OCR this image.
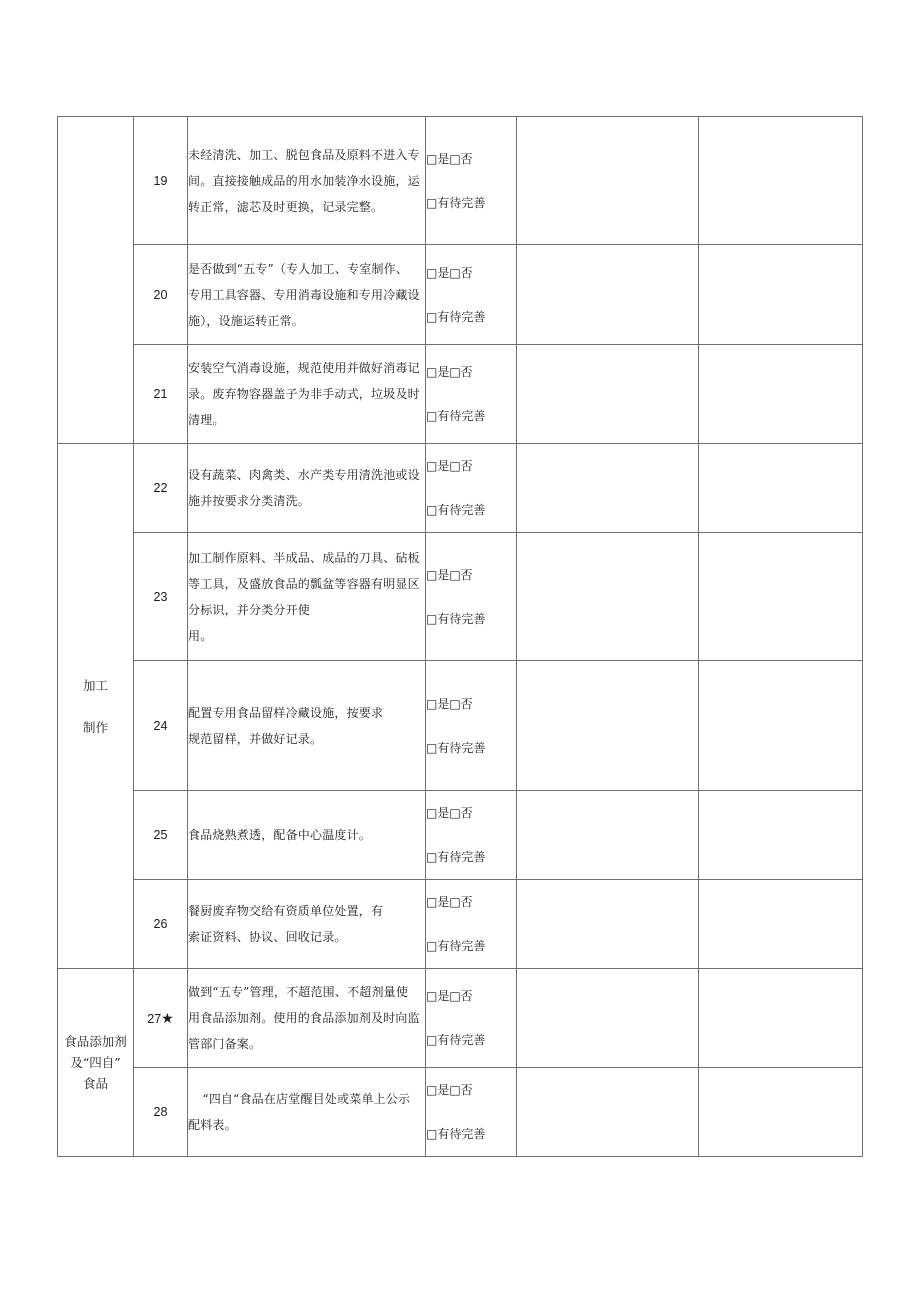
	19	未经清洗、加工、脱包食品及原料不进入专
间。直接接触成品的用水加装净水设施，运
转正常，滤芯及时更换，记录完整。	□是□否
□有待完善		

	20	是否做到“五专”（专人加工、专室制作、
专用工具容器、专用消毒设施和专用冷藏设
施），设施运转正常。	□是□否
□有待完善		

	21	安装空气消毒设施，规范使用并做好消毒记
录。废弃物容器盖子为非手动式，垃圾及时
清理。	□是□否
□有待完善		

加工

制作	22	设有蔬菜、肉禽类、水产类专用清洗池或设
施并按要求分类清洗。	□是□否
□有待完善		

	23	加工制作原料、半成品、成品的刀具、砧板
等工具，及盛放食品的瓢盆等容器有明显区
分标识，并分类分开使
用。	□是□否
□有待完善		

	24	配置专用食品留样冷藏设施，按要求
规范留样，并做好记录。	□是□否
□有待完善		

	25	食品烧熟煮透，配备中心温度计。	□是□否
□有待完善		

	26	餐厨废弃物交给有资质单位处置，有
索证资料、协议、回收记录。	□是□否
□有待完善		

食品添加剂
及“四自”
食品	27★	做到“五专”管理，不超范围、不超剂量使
用食品添加剂。使用的食品添加剂及时向监
管部门备案。	□是□否
□有待完善		

	28	“四自“食品在店堂醒目处或菜单上公示
配料表。	□是□否
□有待完善		
